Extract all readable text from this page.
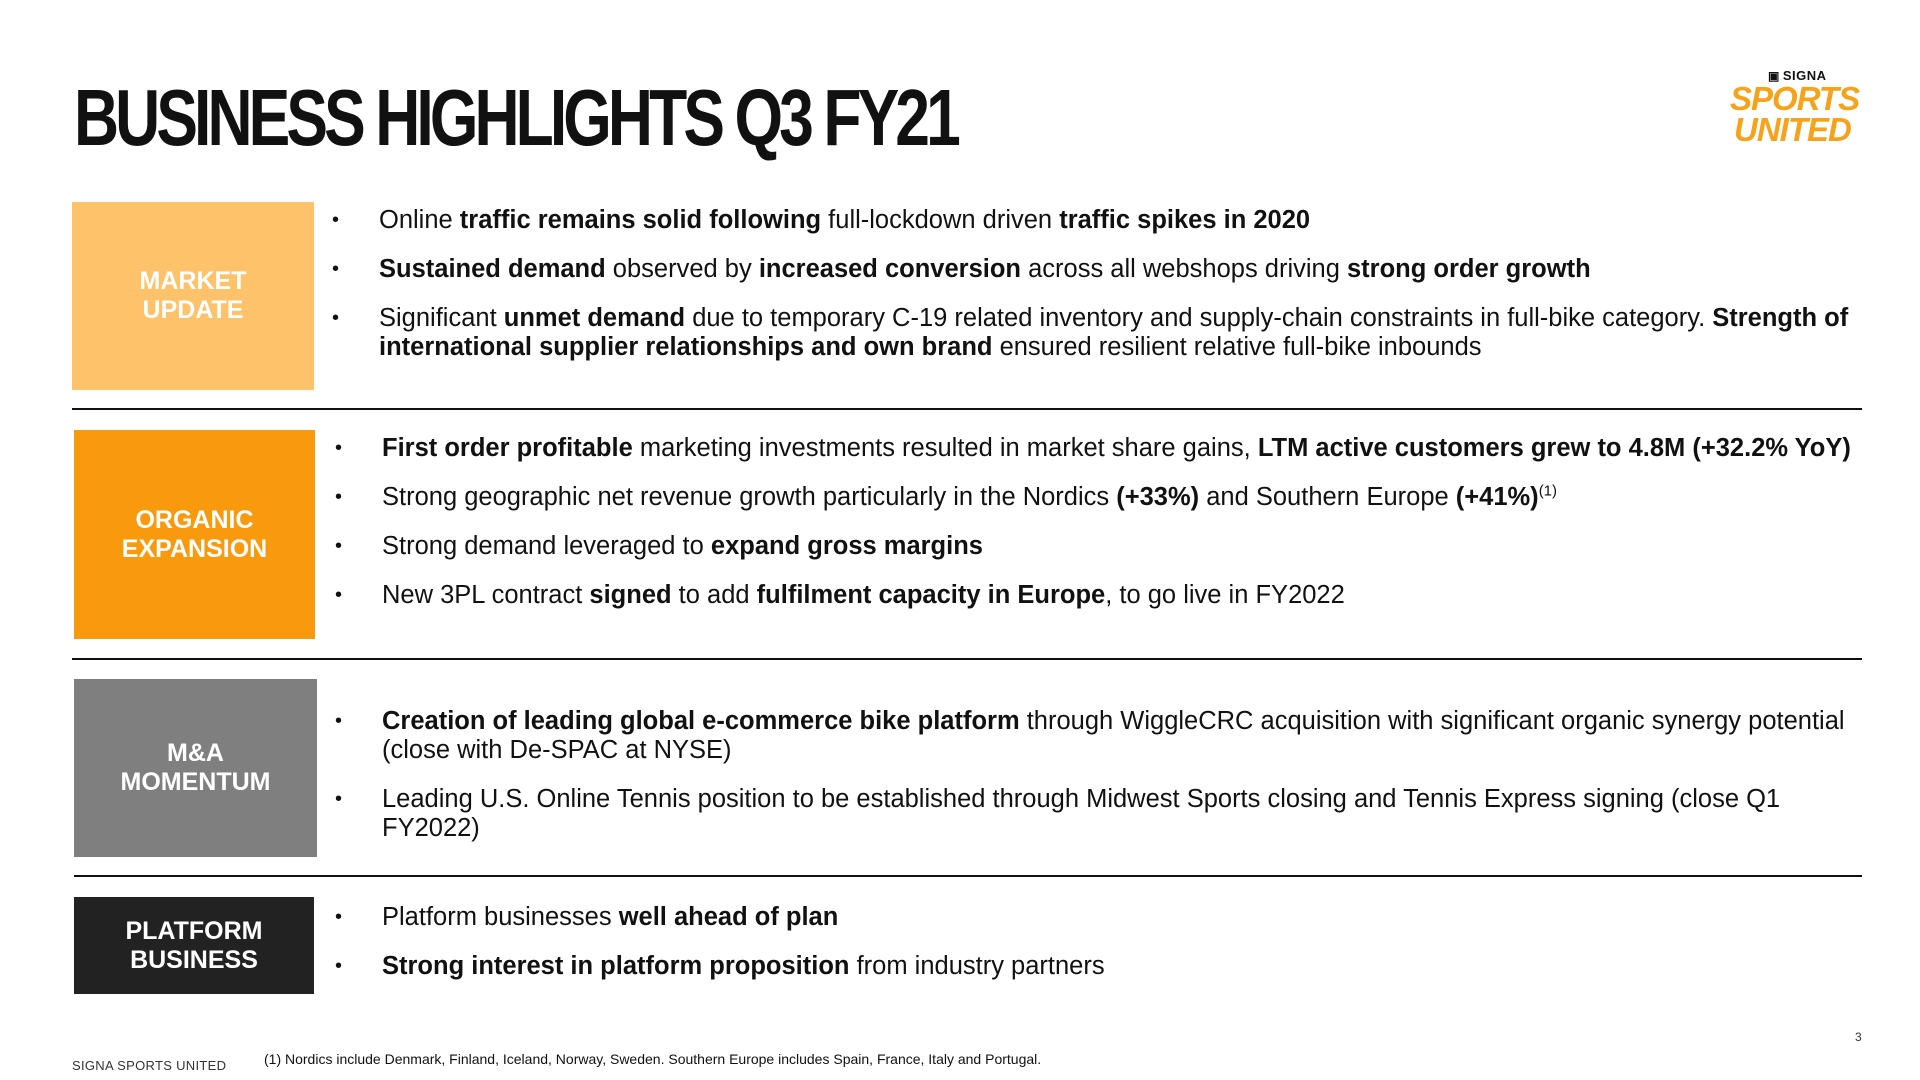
BUSINESS HIGHLIGHTS Q3 FY21	▣ SIGNA
SPORTS
UNITED
MARKET
UPDATE
• Online traffic remains solid following full-lockdown driven traffic spikes in 2020
• Sustained demand observed by increased conversion across all webshops driving strong order growth
• Significant unmet demand due to temporary C-19 related inventory and supply-chain constraints in full-bike category. Strength of international supplier relationships and own brand ensured resilient relative full-bike inbounds
ORGANIC
EXPANSION
• First order profitable marketing investments resulted in market share gains, LTM active customers grew to 4.8M (+32.2% YoY)
• Strong geographic net revenue growth particularly in the Nordics (+33%) and Southern Europe $(+41\%)^{(1)}$
• Strong demand leveraged to expand gross margins
• New 3PL contract signed to add fulfilment capacity in Europe, to go live in FY2022
M&A
MOMENTUM
• Creation of leading global e-commerce bike platform through WiggleCRC acquisition with significant organic synergy potential (close with De-SPAC at NYSE)
• Leading U.S. Online Tennis position to be established through Midwest Sports closing and Tennis Express signing (close Q1 FY2022)
PLATFORM
BUSINESS
• Platform businesses well ahead of plan
• Strong interest in platform proposition from industry partners
SIGNA SPORTS UNITED	(1) Nordics include Denmark, Finland, Iceland, Norway, Sweden. Southern Europe includes Spain, France, Italy and Portugal.
3
